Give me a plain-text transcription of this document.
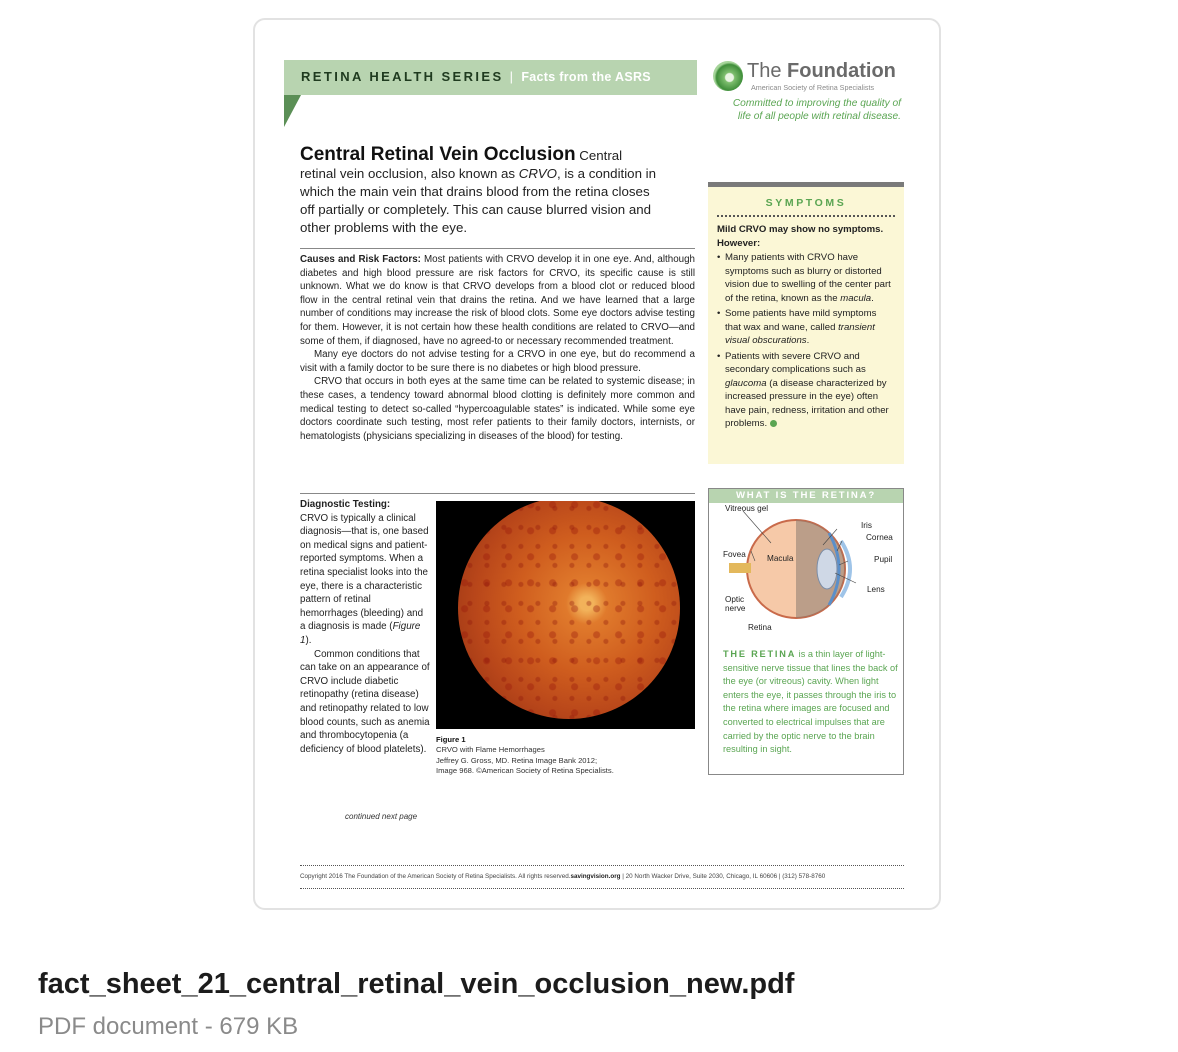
RETINA HEALTH SERIES | Facts from the ASRS	The Foundation
American Society of Retina Specialists
Committed to improving the quality of life of all people with retinal disease.
Central Retinal Vein Occlusion Central retinal vein occlusion, also known as CRVO, is a condition in which the main vein that drains blood from the retina closes off partially or completely. This can cause blurred vision and other problems with the eye.

Causes and Risk Factors: Most patients with CRVO develop it in one eye. And, although diabetes and high blood pressure are risk factors for CRVO, its specific cause is still unknown. What we do know is that CRVO develops from a blood clot or reduced blood flow in the central retinal vein that drains the retina. And we have learned that a large number of conditions may increase the risk of blood clots. Some eye doctors advise testing for them. However, it is not certain how these health conditions are related to CRVO—and some of them, if diagnosed, have no agreed-to or necessary recommended treatment.

Many eye doctors do not advise testing for a CRVO in one eye, but do recommend a visit with a family doctor to be sure there is no diabetes or high blood pressure.

CRVO that occurs in both eyes at the same time can be related to systemic disease; in these cases, a tendency toward abnormal blood clotting is definitely more common and medical testing to detect so-called “hypercoagulable states” is indicated. While some eye doctors coordinate such testing, most refer patients to their family doctors, internists, or hematologists (physicians specializing in diseases of the blood) for testing.

Diagnostic Testing:

CRVO is typically a clinical diagnosis—that is, one based on medical signs and patient-reported symptoms. When a retina specialist looks into the eye, there is a characteristic pattern of retinal hemorrhages (bleeding) and a diagnosis is made (Figure 1).

Common conditions that can take on an appearance of CRVO include diabetic retinopathy (retina disease) and retinopathy related to low blood counts, such as anemia and thrombocytopenia (a deficiency of blood platelets).

continued next page
Figure 1
CRVO with Flame Hemorrhages
Jeffrey G. Gross, MD. Retina Image Bank 2012;
Image 968. ©American Society of Retina Specialists.
SYMPTOMS
Mild CRVO may show no symptoms. However:
• Many patients with CRVO have symptoms such as blurry or distorted vision due to swelling of the center part of the retina, known as the macula.
• Some patients have mild symptoms that wax and wane, called transient visual obscurations.
• Patients with severe CRVO and secondary complications such as glaucoma (a disease characterized by increased pressure in the eye) often have pain, redness, irritation and other problems.
WHAT IS THE RETINA?
Vitreous gel
Iris
Cornea
Fovea	Macula	Pupil
Optic
nerve
Lens
Retina
THE RETINA is a thin layer of light-sensitive nerve tissue that lines the back of the eye (or vitreous) cavity. When light enters the eye, it passes through the iris to the retina where images are focused and converted to electrical impulses that are carried by the optic nerve to the brain resulting in sight.
Copyright 2016 The Foundation of the American Society of Retina Specialists. All rights reserved.savingvision.org | 20 North Wacker Drive, Suite 2030, Chicago, IL 60606 | (312) 578-8760
fact_sheet_21_central_retinal_vein_occlusion_new.pdf
PDF document - 679 KB
